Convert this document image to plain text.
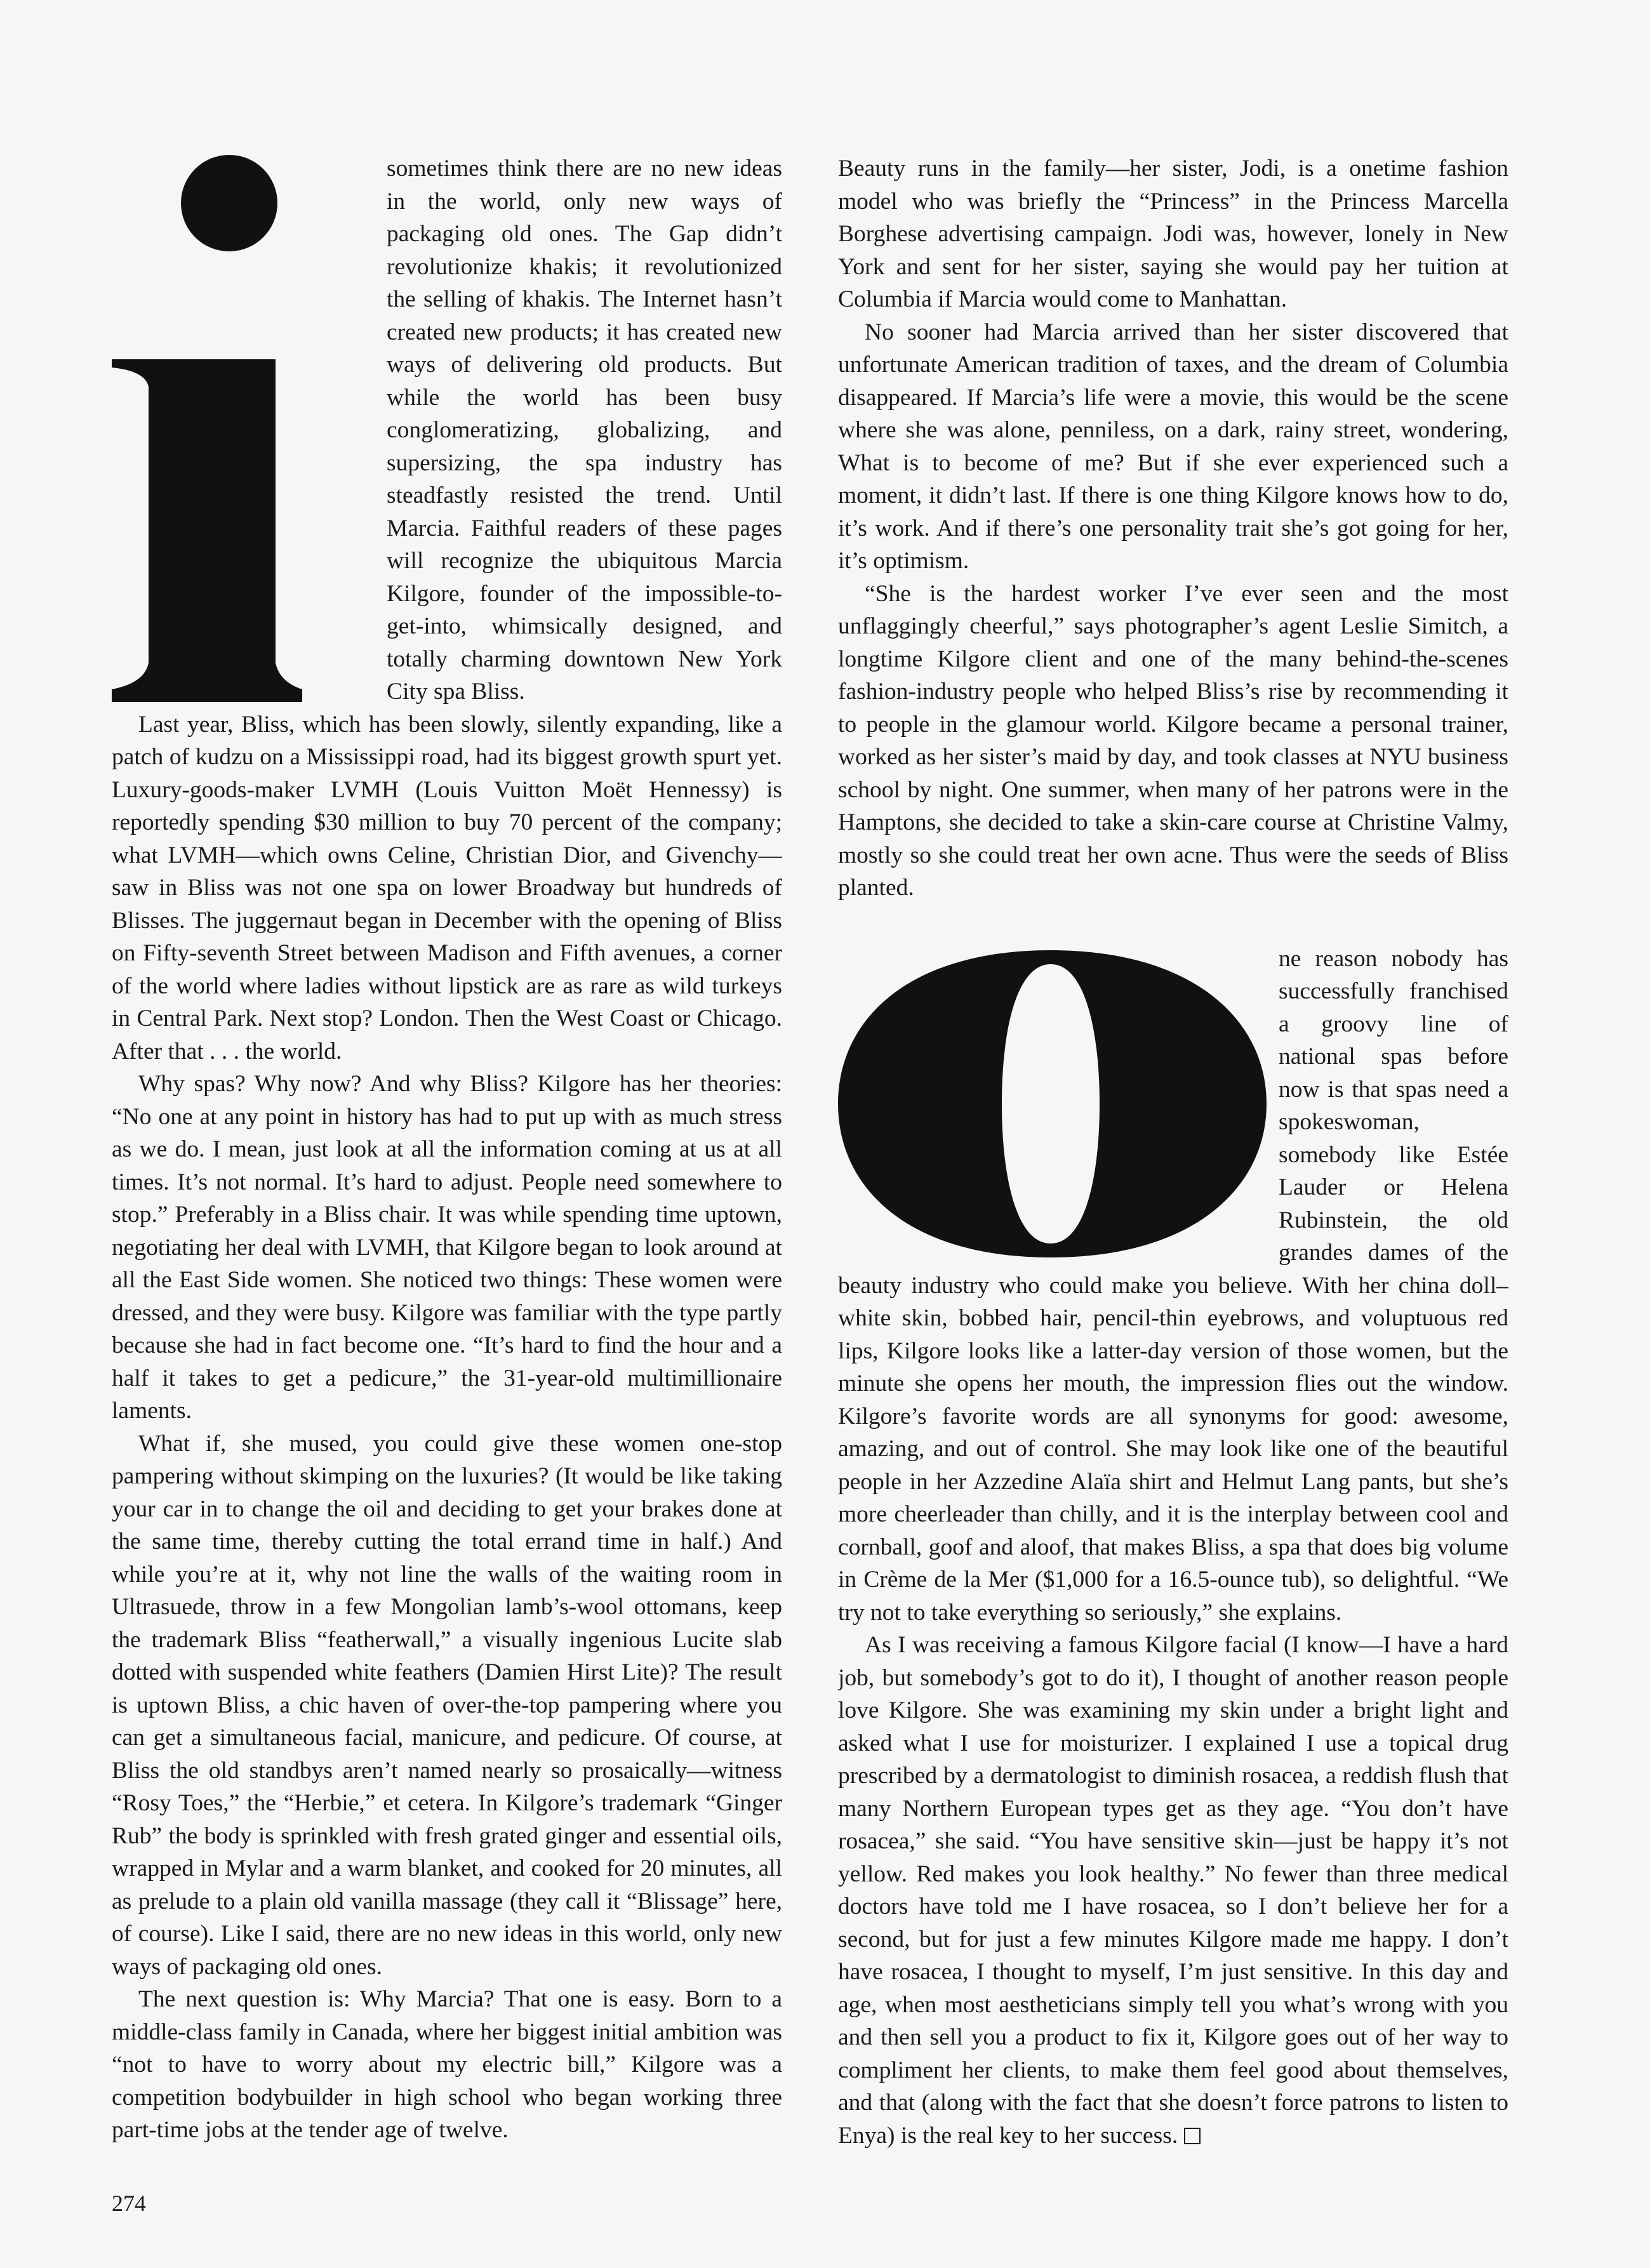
sometimes think there are no new ideas in the world, only new ways of packaging old ones. The Gap didn’t revolutionize khakis; it revolutionized the selling of khakis. The Internet hasn’t created new products; it has created new ways of delivering old products. But while the world has been busy conglomeratizing, globalizing, and supersizing, the spa industry has steadfastly resisted the trend. Until Marcia. Faithful readers of these pages will recognize the ubiquitous Marcia Kilgore, founder of the impossible-to-get-into, whimsically designed, and totally charming downtown New York City spa Bliss.

Last year, Bliss, which has been slowly, silently expanding, like a patch of kudzu on a Mississippi road, had its biggest growth spurt yet. Luxury-goods-maker LVMH (Louis Vuitton Moët Hennessy) is reportedly spending $30 million to buy 70 percent of the company; what LVMH—which owns Celine, Christian Dior, and Givenchy—saw in Bliss was not one spa on lower Broadway but hundreds of Blisses. The juggernaut began in December with the opening of Bliss on Fifty-seventh Street between Madison and Fifth avenues, a corner of the world where ladies without lipstick are as rare as wild turkeys in Central Park. Next stop? London. Then the West Coast or Chicago. After that . . . the world.

Why spas? Why now? And why Bliss? Kilgore has her theories: “No one at any point in history has had to put up with as much stress as we do. I mean, just look at all the information coming at us at all times. It’s not normal. It’s hard to adjust. People need somewhere to stop.” Preferably in a Bliss chair. It was while spending time uptown, negotiating her deal with LVMH, that Kilgore began to look around at all the East Side women. She noticed two things: These women were dressed, and they were busy. Kilgore was familiar with the type partly because she had in fact become one. “It’s hard to find the hour and a half it takes to get a pedicure,” the 31-year-old multimillionaire laments.

What if, she mused, you could give these women one-stop pampering without skimping on the luxuries? (It would be like taking your car in to change the oil and deciding to get your brakes done at the same time, thereby cutting the total errand time in half.) And while you’re at it, why not line the walls of the waiting room in Ultrasuede, throw in a few Mongolian lamb’s-wool ottomans, keep the trademark Bliss “featherwall,” a visually ingenious Lucite slab dotted with suspended white feathers (Damien Hirst Lite)? The result is uptown Bliss, a chic haven of over-the-top pampering where you can get a simultaneous facial, manicure, and pedicure. Of course, at Bliss the old standbys aren’t named nearly so prosaically—witness “Rosy Toes,” the “Herbie,” et cetera. In Kilgore’s trademark “Ginger Rub” the body is sprinkled with fresh grated ginger and essential oils, wrapped in Mylar and a warm blanket, and cooked for 20 minutes, all as prelude to a plain old vanilla massage (they call it “Blissage” here, of course). Like I said, there are no new ideas in this world, only new ways of packaging old ones.

The next question is: Why Marcia? That one is easy. Born to a middle-class family in Canada, where her biggest initial ambition was “not to have to worry about my electric bill,” Kilgore was a competition bodybuilder in high school who began working three part-time jobs at the tender age of twelve.

Beauty runs in the family—her sister, Jodi, is a onetime fashion model who was briefly the “Princess” in the Princess Marcella Borghese advertising campaign. Jodi was, however, lonely in New York and sent for her sister, saying she would pay her tuition at Columbia if Marcia would come to Manhattan.

No sooner had Marcia arrived than her sister discovered that unfortunate American tradition of taxes, and the dream of Columbia disappeared. If Marcia’s life were a movie, this would be the scene where she was alone, penniless, on a dark, rainy street, wondering, What is to become of me? But if she ever experienced such a moment, it didn’t last. If there is one thing Kilgore knows how to do, it’s work. And if there’s one personality trait she’s got going for her, it’s optimism.

“She is the hardest worker I’ve ever seen and the most unflaggingly cheerful,” says photographer’s agent Leslie Simitch, a longtime Kilgore client and one of the many behind-the-scenes fashion-industry people who helped Bliss’s rise by recommending it to people in the glamour world. Kilgore became a personal trainer, worked as her sister’s maid by day, and took classes at NYU business school by night. One summer, when many of her patrons were in the Hamptons, she decided to take a skin-care course at Christine Valmy, mostly so she could treat her own acne. Thus were the seeds of Bliss planted.

ne reason nobody has successfully franchised a groovy line of national spas before now is that spas need a spokeswoman, somebody like Estée Lauder or Helena Rubinstein, the old grandes dames of the beauty industry who could make you believe. With her china doll–white skin, bobbed hair, pencil-thin eyebrows, and voluptuous red lips, Kilgore looks like a latter-day version of those women, but the minute she opens her mouth, the impression flies out the window. Kilgore’s favorite words are all synonyms for good: awesome, amazing, and out of control. She may look like one of the beautiful people in her Azzedine Alaïa shirt and Helmut Lang pants, but she’s more cheerleader than chilly, and it is the interplay between cool and cornball, goof and aloof, that makes Bliss, a spa that does big volume in Crème de la Mer ($1,000 for a 16.5-ounce tub), so delightful. “We try not to take everything so seriously,” she explains.

As I was receiving a famous Kilgore facial (I know—I have a hard job, but somebody’s got to do it), I thought of another reason people love Kilgore. She was examining my skin under a bright light and asked what I use for moisturizer. I explained I use a topical drug prescribed by a dermatologist to diminish rosacea, a reddish flush that many Northern European types get as they age. “You don’t have rosacea,” she said. “You have sensitive skin—just be happy it’s not yellow. Red makes you look healthy.” No fewer than three medical doctors have told me I have rosacea, so I don’t believe her for a second, but for just a few minutes Kilgore made me happy. I don’t have rosacea, I thought to myself, I’m just sensitive. In this day and age, when most aestheticians simply tell you what’s wrong with you and then sell you a product to fix it, Kilgore goes out of her way to compliment her clients, to make them feel good about themselves, and that (along with the fact that she doesn’t force patrons to listen to Enya) is the real key to her success.

274
